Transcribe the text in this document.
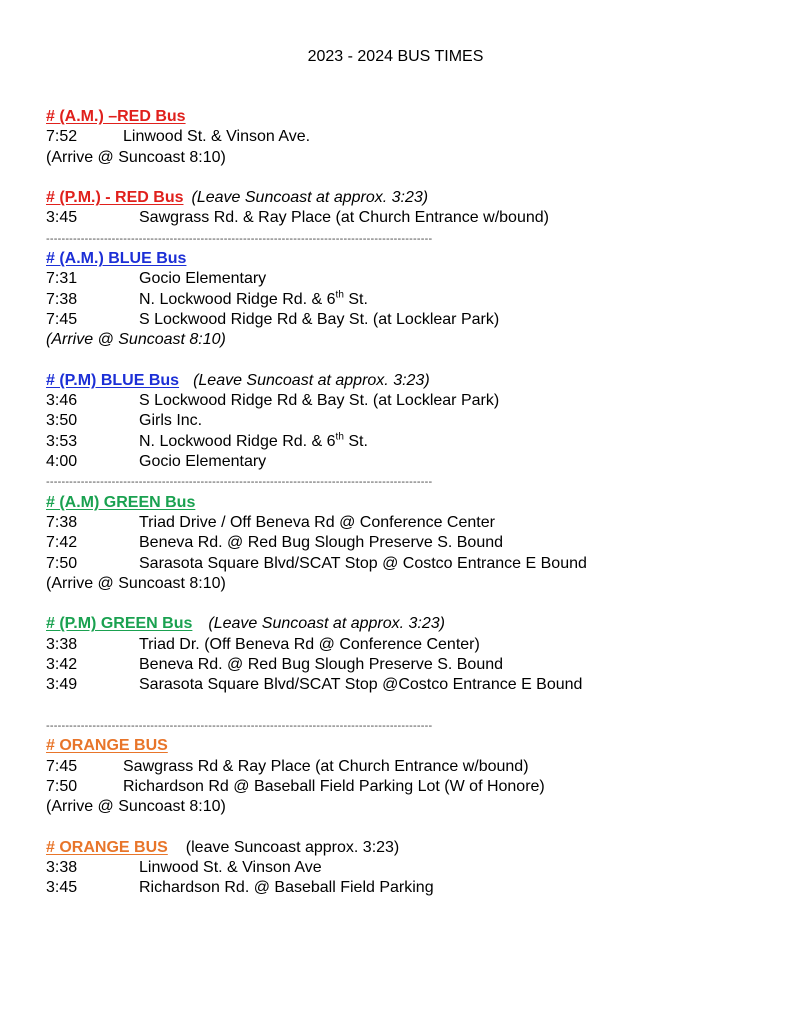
2023 - 2024 BUS TIMES
# (A.M.) –RED Bus
7:52	Linwood St. & Vinson Ave.
(Arrive @ Suncoast 8:10)
# (P.M.) - RED Bus (Leave Suncoast at approx. 3:23)
3:45	Sawgrass Rd. & Ray Place (at Church Entrance w/bound)
----------------------------------------------------------------------------------------------------
# (A.M.) BLUE Bus
7:31	Gocio Elementary
7:38	N. Lockwood Ridge Rd. & 6th St.
7:45	S Lockwood Ridge Rd & Bay St. (at Locklear Park)
(Arrive @ Suncoast 8:10)
# (P.M) BLUE Bus (Leave Suncoast at approx. 3:23)
3:46	S Lockwood Ridge Rd & Bay St. (at Locklear Park)
3:50	Girls Inc.
3:53	N. Lockwood Ridge Rd. & 6th St.
4:00	Gocio Elementary
----------------------------------------------------------------------------------------------------
# (A.M) GREEN Bus
7:38	Triad Drive / Off Beneva Rd @ Conference Center
7:42	Beneva Rd. @ Red Bug Slough Preserve S. Bound
7:50	Sarasota Square Blvd/SCAT Stop @ Costco Entrance E Bound
(Arrive @ Suncoast 8:10)
# (P.M) GREEN Bus (Leave Suncoast at approx. 3:23)
3:38	Triad Dr. (Off Beneva Rd @ Conference Center)
3:42	Beneva Rd. @ Red Bug Slough Preserve S. Bound
3:49	Sarasota Square Blvd/SCAT Stop @Costco Entrance E Bound
----------------------------------------------------------------------------------------------------
# ORANGE BUS
7:45	Sawgrass Rd & Ray Place (at Church Entrance w/bound)
7:50	Richardson Rd @ Baseball Field Parking Lot (W of Honore)
(Arrive @ Suncoast 8:10)
# ORANGE BUS (leave Suncoast approx. 3:23)
3:38	Linwood St. & Vinson Ave
3:45	Richardson Rd. @ Baseball Field Parking
